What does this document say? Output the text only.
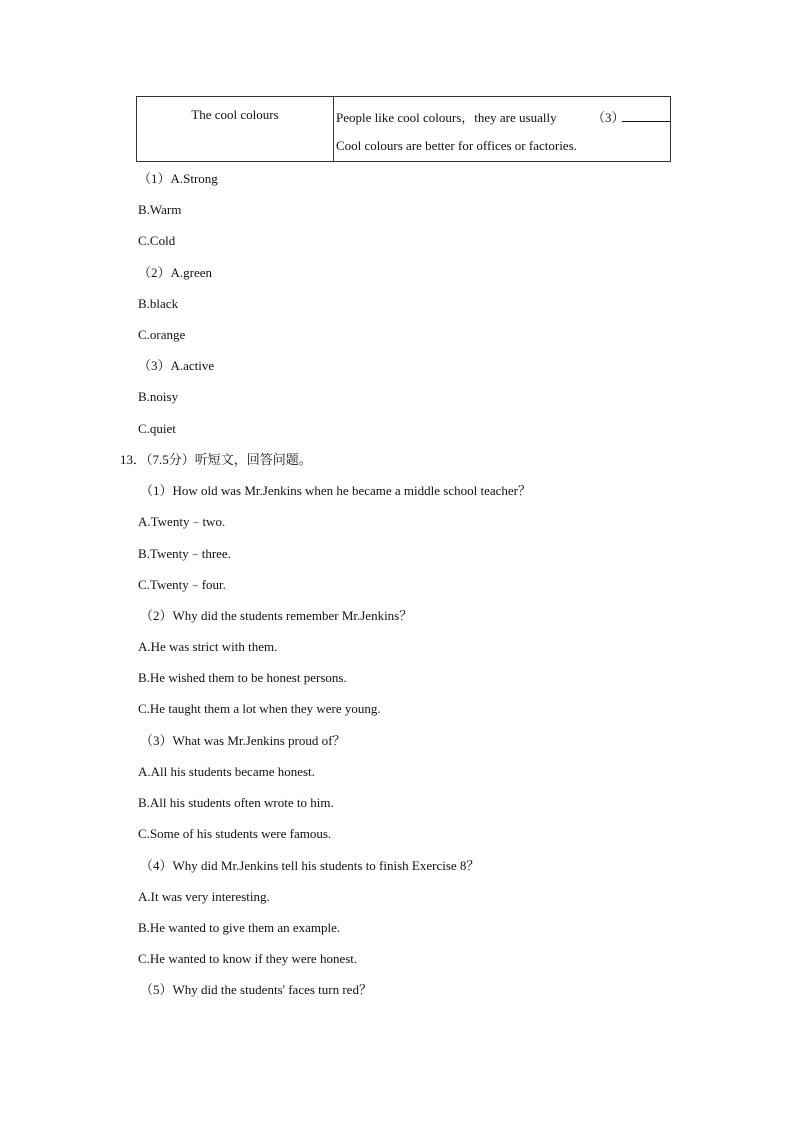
The cool colours	People like cool colours，they are usually	（3）
Cool colours are better for offices or factories.
（1）A.Strong
B.Warm
C.Cold
（2）A.green
B.black
C.orange
（3）A.active
B.noisy
C.quiet
13．（7.5分）听短文，回答问题。
（1）How old was Mr.Jenkins when he became a middle school teacher？
A.Twenty﹣two.
B.Twenty﹣three.
C.Twenty﹣four.
（2）Why did the students remember Mr.Jenkins？
A.He was strict with them.
B.He wished them to be honest persons.
C.He taught them a lot when they were young.
（3）What was Mr.Jenkins proud of？
A.All his students became honest.
B.All his students often wrote to him.
C.Some of his students were famous.
（4）Why did Mr.Jenkins tell his students to finish Exercise 8？
A.It was very interesting.
B.He wanted to give them an example.
C.He wanted to know if they were honest.
（5）Why did the students' faces turn red？
